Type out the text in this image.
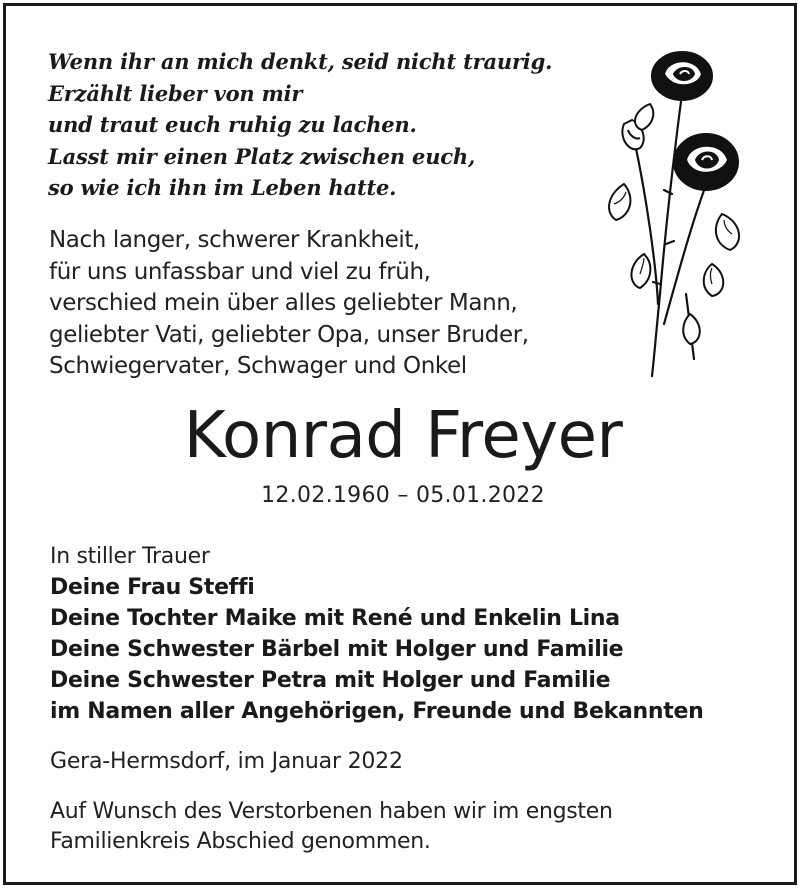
Wenn ihr an mich denkt, seid nicht traurig.
Erzählt lieber von mir
und traut euch ruhig zu lachen.
Lasst mir einen Platz zwischen euch,
so wie ich ihn im Leben hatte.
Nach langer, schwerer Krankheit,
für uns unfassbar und viel zu früh,
verschied mein über alles geliebter Mann,
geliebter Vati, geliebter Opa, unser Bruder,
Schwiegervater, Schwager und Onkel
Konrad Freyer
12.02.1960 – 05.01.2022
In stiller Trauer
Deine Frau Steffi
Deine Tochter Maike mit René und Enkelin Lina
Deine Schwester Bärbel mit Holger und Familie
Deine Schwester Petra mit Holger und Familie
im Namen aller Angehörigen, Freunde und Bekannten
Gera-Hermsdorf, im Januar 2022
Auf Wunsch des Verstorbenen haben wir im engsten
Familienkreis Abschied genommen.
